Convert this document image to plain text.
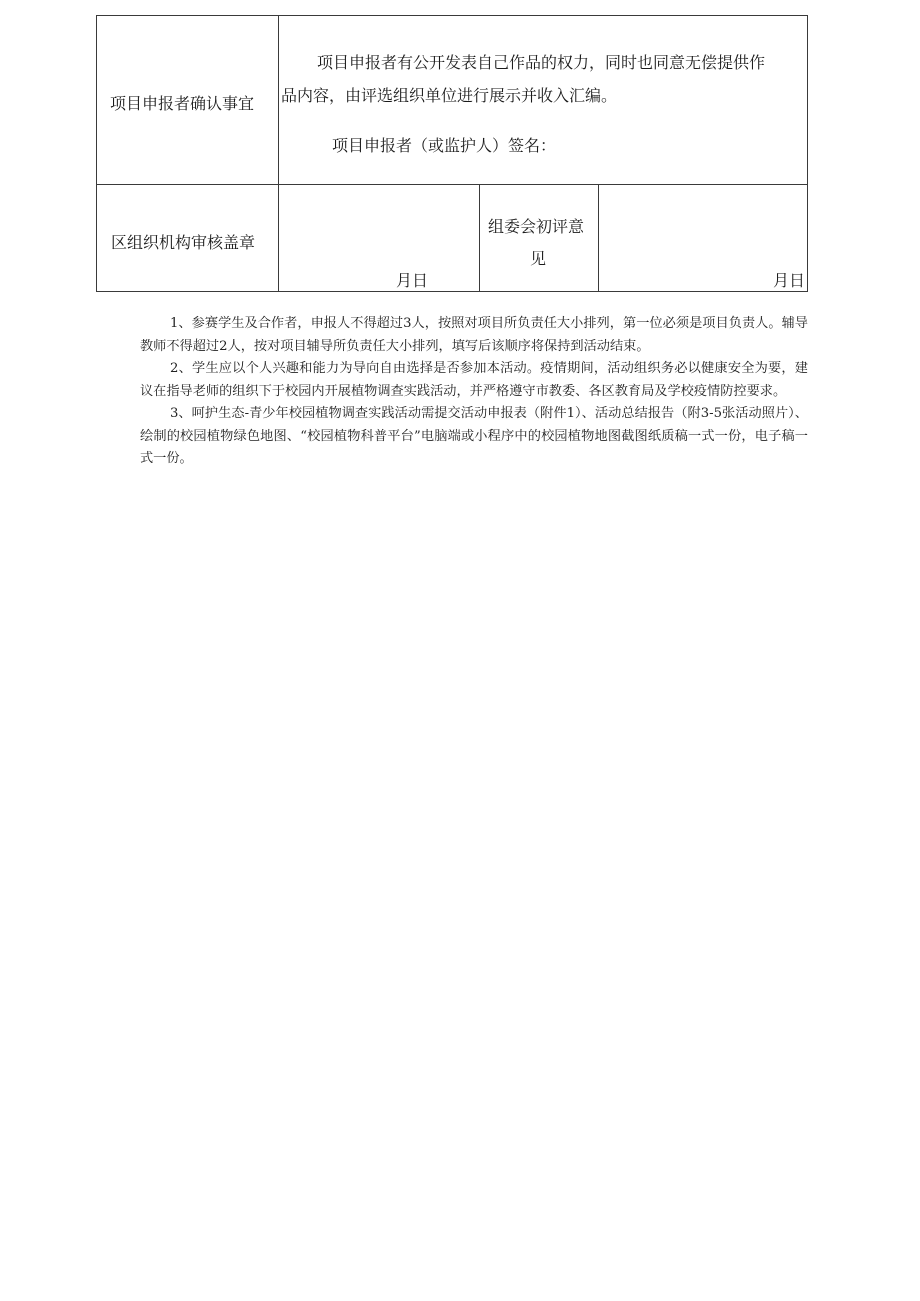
项目申报者确认事宜
项目申报者有公开发表自己作品的权力，同时也同意无偿提供作
品内容，由评选组织单位进行展示并收入汇编。
项目申报者（或监护人）签名：
区组织机构审核盖章
月日
组委会初评意
见
月日

1、参赛学生及合作者，申报人不得超过3人，按照对项目所负责任大小排列，第一位必须是项目负责人。辅导教师不得超过2人，按对项目辅导所负责任大小排列，填写后该顺序将保持到活动结束。

2、学生应以个人兴趣和能力为导向自由选择是否参加本活动。疫情期间，活动组织务必以健康安全为要，建议在指导老师的组织下于校园内开展植物调查实践活动，并严格遵守市教委、各区教育局及学校疫情防控要求。

3、呵护生态-青少年校园植物调查实践活动需提交活动申报表（附件1）、活动总结报告（附3-5张活动照片）、绘制的校园植物绿色地图、“校园植物科普平台”电脑端或小程序中的校园植物地图截图纸质稿一式一份，电子稿一式一份。
